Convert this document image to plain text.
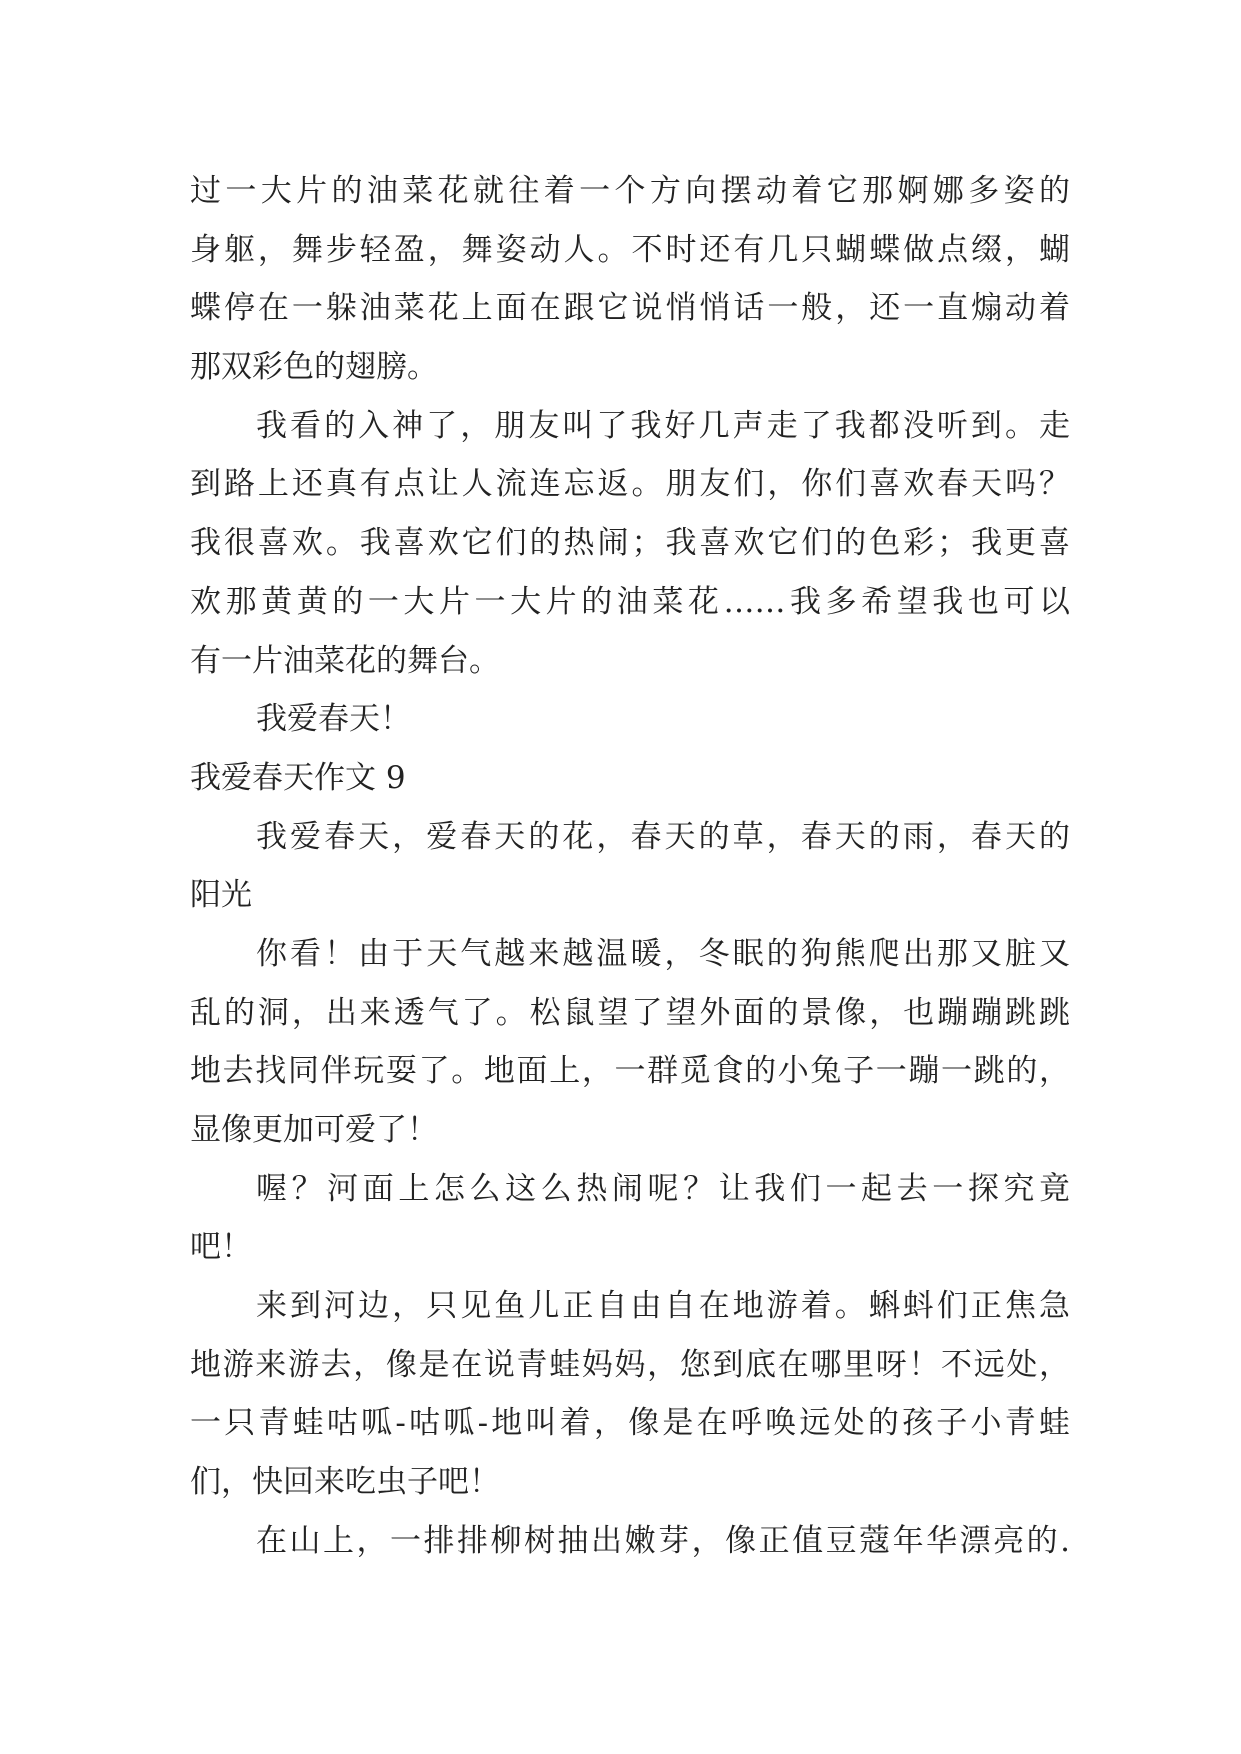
过一大片的油菜花就往着一个方向摆动着它那婀娜多姿的
身躯，舞步轻盈，舞姿动人。不时还有几只蝴蝶做点缀，蝴
蝶停在一躲油菜花上面在跟它说悄悄话一般，还一直煽动着
那双彩色的翅膀。
我看的入神了，朋友叫了我好几声走了我都没听到。走
到路上还真有点让人流连忘返。朋友们，你们喜欢春天吗？
我很喜欢。我喜欢它们的热闹；我喜欢它们的色彩；我更喜
欢那黄黄的一大片一大片的油菜花……我多希望我也可以
有一片油菜花的舞台。
我爱春天！
我爱春天作文 9
我爱春天，爱春天的花，春天的草，春天的雨，春天的
阳光
你看！由于天气越来越温暖，冬眠的狗熊爬出那又脏又
乱的洞，出来透气了。松鼠望了望外面的景像，也蹦蹦跳跳
地去找同伴玩耍了。地面上，一群觅食的小兔子一蹦一跳的，
显像更加可爱了！
喔？河面上怎么这么热闹呢？让我们一起去一探究竟
吧！
来到河边，只见鱼儿正自由自在地游着。蝌蚪们正焦急
地游来游去，像是在说青蛙妈妈，您到底在哪里呀！不远处，
一只青蛙咕呱-咕呱-地叫着，像是在呼唤远处的孩子小青蛙
们，快回来吃虫子吧！
在山上，一排排柳树抽出嫩芽，像正值豆蔻年华漂亮的.
